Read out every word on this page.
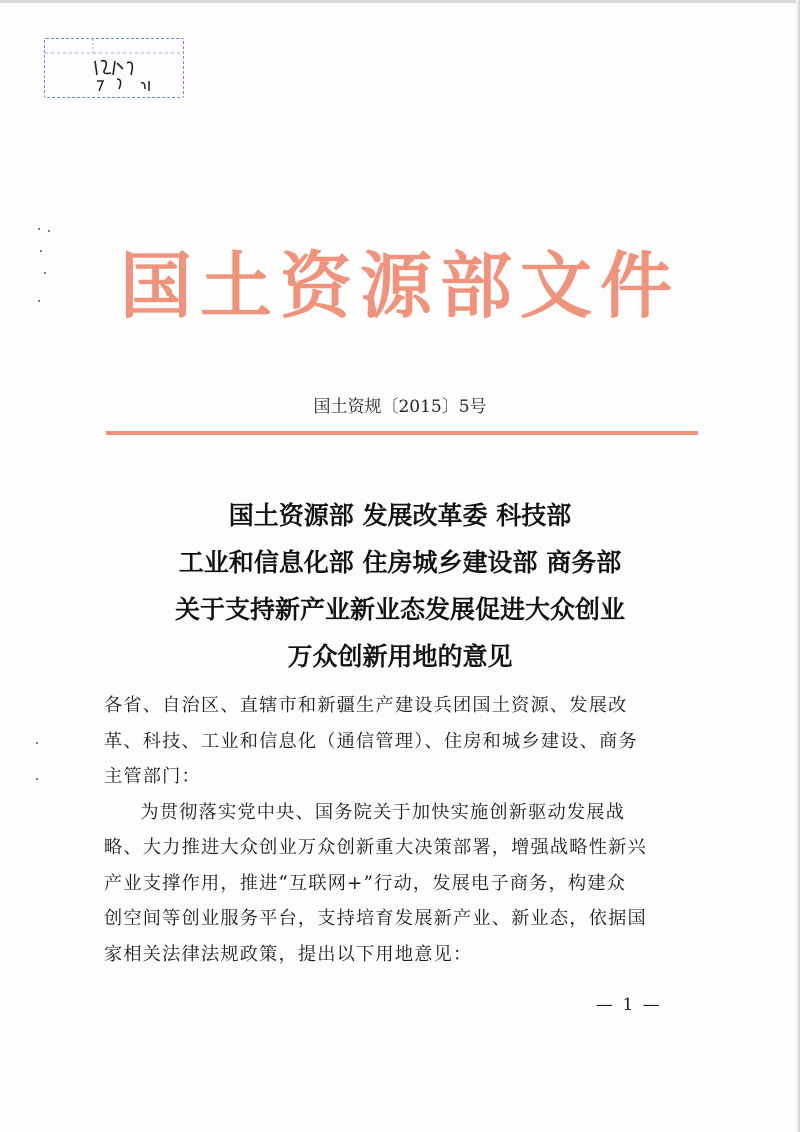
国土资源部文件
国土资规〔2015〕5号
国土资源部 发展改革委 科技部
工业和信息化部 住房城乡建设部 商务部
关于支持新产业新业态发展促进大众创业
万众创新用地的意见

各省、自治区、直辖市和新疆生产建设兵团国土资源、发展改
革、科技、工业和信息化（通信管理）、住房和城乡建设、商务
主管部门：

为贯彻落实党中央、国务院关于加快实施创新驱动发展战
略、大力推进大众创业万众创新重大决策部署，增强战略性新兴
产业支撑作用，推进“互联网+”行动，发展电子商务，构建众
创空间等创业服务平台，支持培育发展新产业、新业态，依据国
家相关法律法规政策，提出以下用地意见：

— 1 —
